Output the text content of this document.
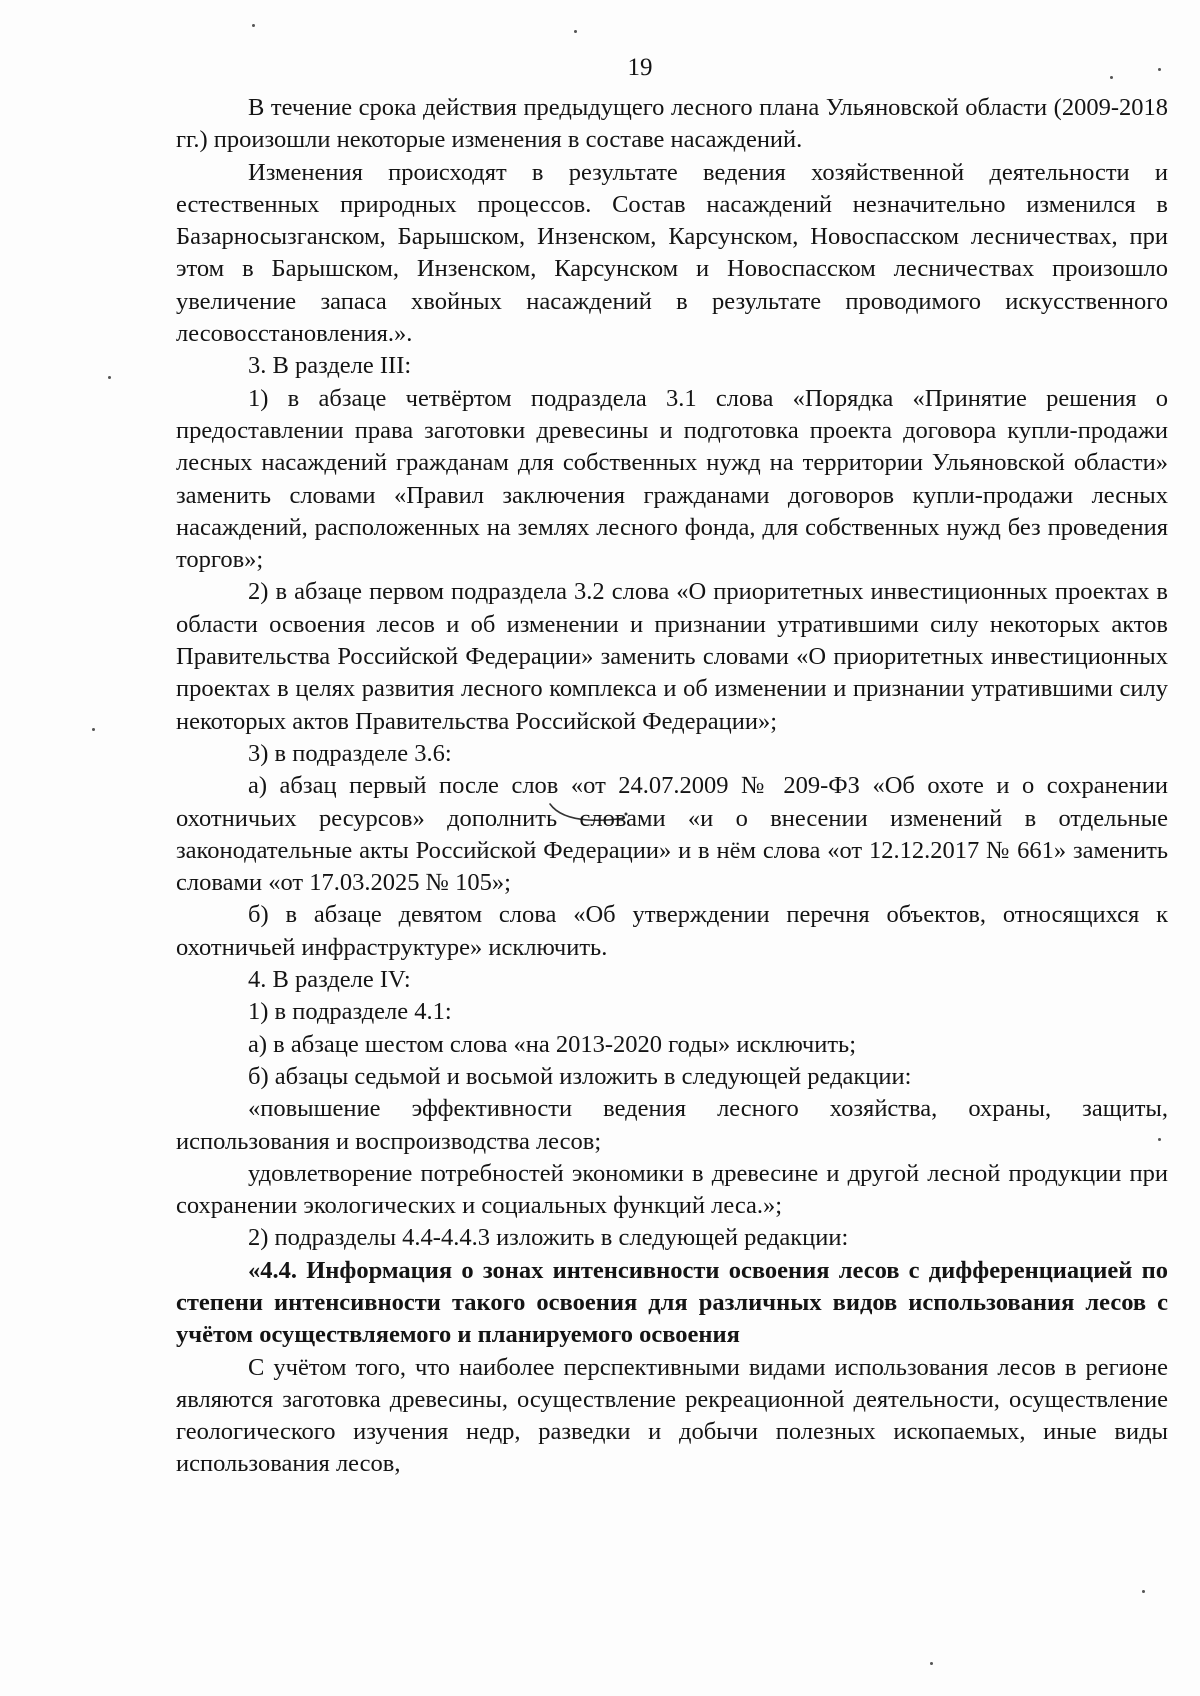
19

В течение срока действия предыдущего лесного плана Ульяновской области (2009-2018 гг.) произошли некоторые изменения в составе насаждений.

Изменения происходят в результате ведения хозяйственной деятельности и естественных природных процессов. Состав насаждений незначительно изменился в Базарносызганском, Барышском, Инзенском, Карсунском, Новоспасском лесничествах, при этом в Барышском, Инзенском, Карсунском и Новоспасском лесничествах произошло увеличение запаса хвойных насаждений в результате проводимого искусственного лесовосстановления.».

3. В разделе III:

1) в абзаце четвёртом подраздела 3.1 слова «Порядка «Принятие решения о предоставлении права заготовки древесины и подготовка проекта договора купли-продажи лесных насаждений гражданам для собственных нужд на территории Ульяновской области» заменить словами «Правил заключения гражданами договоров купли-продажи лесных насаждений, расположенных на землях лесного фонда, для собственных нужд без проведения торгов»;

2) в абзаце первом подраздела 3.2 слова «О приоритетных инвестиционных проектах в области освоения лесов и об изменении и признании утратившими силу некоторых актов Правительства Российской Федерации» заменить словами «О приоритетных инвестиционных проектах в целях развития лесного комплекса и об изменении и признании утратившими силу некоторых актов Правительства Российской Федерации»;

3) в подразделе 3.6:

а) абзац первый после слов «от 24.07.2009 № 209-ФЗ «Об охоте и о сохранении охотничьих ресурсов» дополнить словами «и о внесении изменений в отдельные законодательные акты Российской Федерации» и в нём слова «от 12.12.2017 № 661» заменить словами «от 17.03.2025 № 105»;

б) в абзаце девятом слова «Об утверждении перечня объектов, относящихся к охотничьей инфраструктуре» исключить.

4. В разделе IV:

1) в подразделе 4.1:

а) в абзаце шестом слова «на 2013-2020 годы» исключить;

б) абзацы седьмой и восьмой изложить в следующей редакции:

«повышение эффективности ведения лесного хозяйства, охраны, защиты, использования и воспроизводства лесов;

удовлетворение потребностей экономики в древесине и другой лесной продукции при сохранении экологических и социальных функций леса.»;

2) подразделы 4.4-4.4.3 изложить в следующей редакции:

«4.4. Информация о зонах интенсивности освоения лесов с дифференциацией по степени интенсивности такого освоения для различных видов использования лесов с учётом осуществляемого и планируемого освоения

С учётом того, что наиболее перспективными видами использования лесов в регионе являются заготовка древесины, осуществление рекреационной деятельности, осуществление геологического изучения недр, разведки и добычи полезных ископаемых, иные виды использования лесов,
